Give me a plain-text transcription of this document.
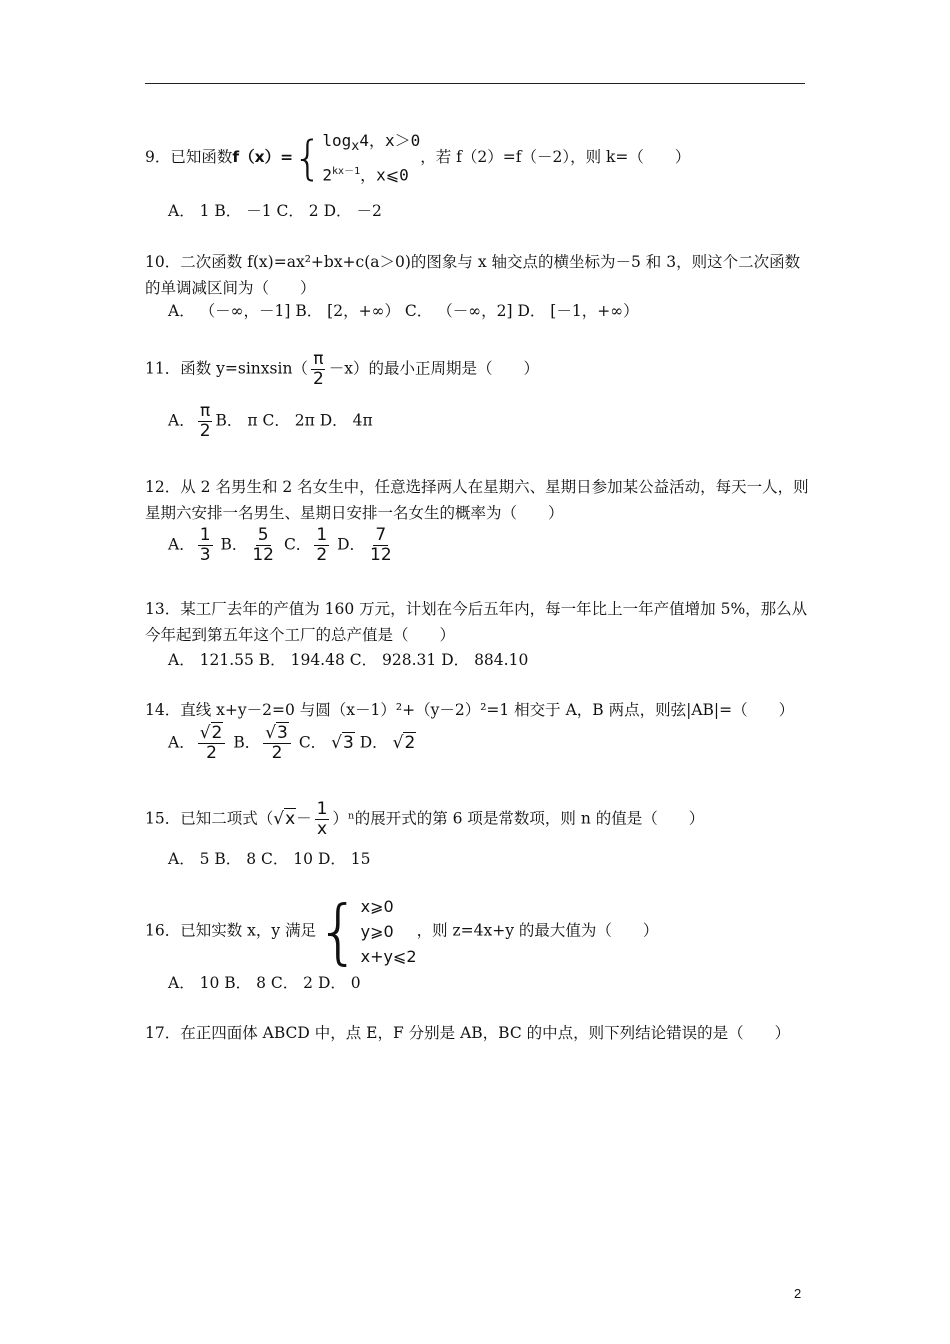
9．已知函数f（x）={ $\log_x4$，x＞0
$2^{kx-1}$，x⩽0
，若 f（2）=f（－2），则 k=（　　）
A． 1 B． －1 C． 2 D． －2
10．二次函数 f(x)=ax²+bx+c(a＞0)的图象与 x 轴交点的横坐标为－5 和 3，则这个二次函数的单调减区间为（　　）
A． （－∞，－1] B． [2，+∞） C． （－∞，2] D． [－1，+∞）
11．函数 y=sinxsin（ $\frac{\pi}{2} -x$）的最小正周期是（　　）
A． $\frac{\pi}{2}$ B． π C． 2π D． 4π
12．从 2 名男生和 2 名女生中，任意选择两人在星期六、星期日参加某公益活动，每天一人，则星期六安排一名男生、星期日安排一名女生的概率为（　　）
A． $\frac{1}{3}$ B． $\frac{5}{12}$ C． $\frac{1}{2}$ D． $\frac{7}{12}$
13．某工厂去年的产值为 160 万元，计划在今后五年内，每一年比上一年产值增加 5%，那么从今年起到第五年这个工厂的总产值是（　　）
A． 121.55 B． 194.48 C． 928.31 D． 884.10
14．直线 x+y－2=0 与圆（x－1）²+（y－2）²=1 相交于 A，B 两点，则弦|AB|=（　　）
A． $\frac{√2}{2}$ B． $\frac{√3}{2}$ C． √3 D． √2
15．已知二项式$(√x- \frac{1}{x} )^n$的展开式的第 6 项是常数项，则 n 的值是（　　）
A． 5 B． 8 C． 10 D． 15
16．已知实数 x，y 满足{ x⩾0
y⩾0
x+y⩽2
，则 z=4x+y 的最大值为（　　）
A． 10 B． 8 C． 2 D． 0
17．在正四面体 ABCD 中，点 E，F 分别是 AB，BC 的中点，则下列结论错误的是（　　）
2
